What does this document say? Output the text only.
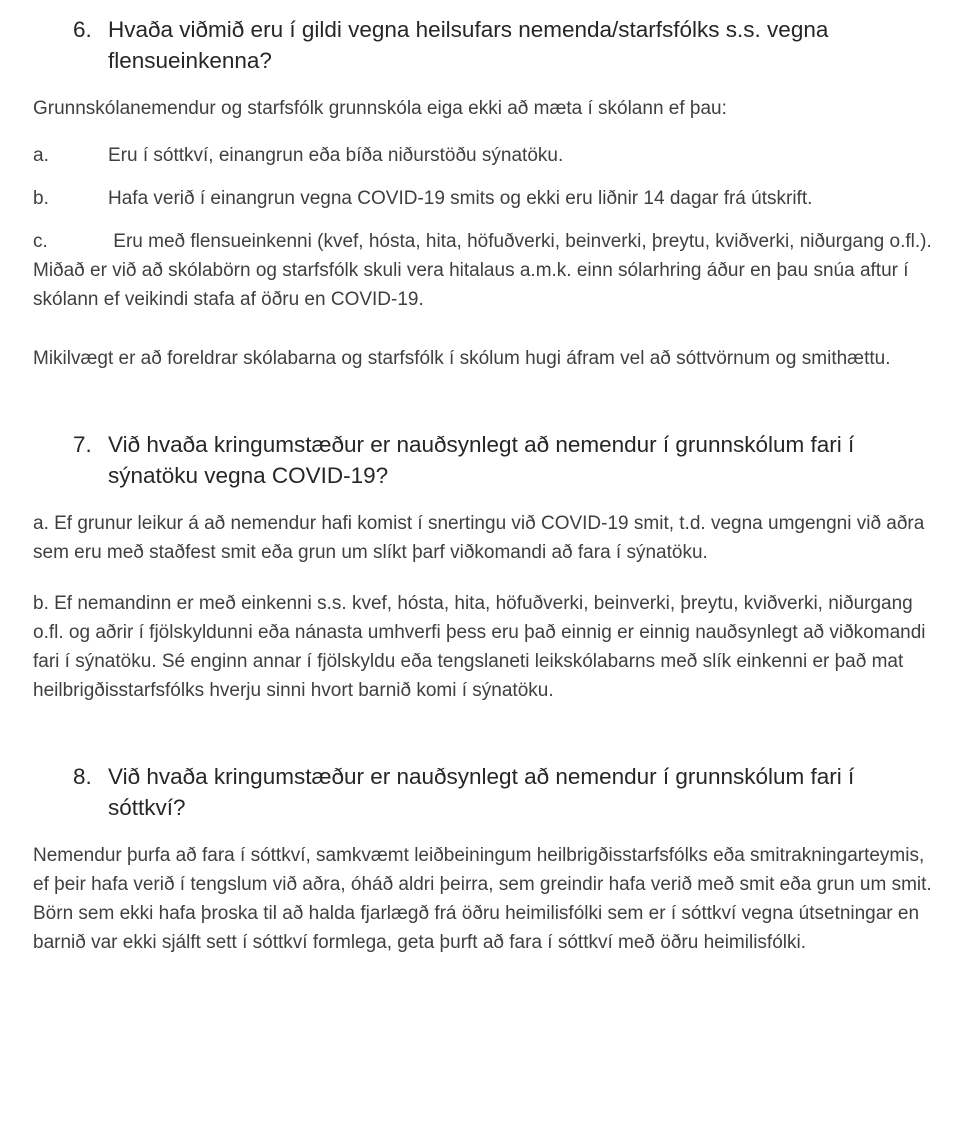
6. Hvaða viðmið eru í gildi vegna heilsufars nemenda/starfsfólks s.s. vegna flensueinkenna?

Grunnskólanemendur og starfsfólk grunnskóla eiga ekki að mæta í skólann ef þau:

a.	Eru í sóttkví, einangrun eða bíða niðurstöðu sýnatöku.
b.	Hafa verið í einangrun vegna COVID-19 smits og ekki eru liðnir 14 dagar frá útskrift.
c.	Eru með flensueinkenni (kvef, hósta, hita, höfuðverki, beinverki, þreytu, kviðverki, niðurgang o.fl.). Miðað er við að skólabörn og starfsfólk skuli vera hitalaus a.m.k. einn sólarhring áður en þau snúa aftur í skólann ef veikindi stafa af öðru en COVID-19.

Mikilvægt er að foreldrar skólabarna og starfsfólk í skólum hugi áfram vel að sóttvörnum og smithættu.

7. Við hvaða kringumstæður er nauðsynlegt að nemendur í grunnskólum fari í sýnatöku vegna COVID-19?

a. Ef grunur leikur á að nemendur hafi komist í snertingu við COVID-19 smit, t.d. vegna umgengni við aðra sem eru með staðfest smit eða grun um slíkt þarf viðkomandi að fara í sýnatöku.

b. Ef nemandinn er með einkenni s.s. kvef, hósta, hita, höfuðverki, beinverki, þreytu, kviðverki, niðurgang o.fl. og aðrir í fjölskyldunni eða nánasta umhverfi þess eru það einnig er einnig nauðsynlegt að viðkomandi fari í sýnatöku. Sé enginn annar í fjölskyldu eða tengslaneti leikskólabarns með slík einkenni er það mat heilbrigðisstarfsfólks hverju sinni hvort barnið komi í sýnatöku.

8. Við hvaða kringumstæður er nauðsynlegt að nemendur í grunnskólum fari í sóttkví?

Nemendur þurfa að fara í sóttkví, samkvæmt leiðbeiningum heilbrigðisstarfsfólks eða smitrakningarteymis, ef þeir hafa verið í tengslum við aðra, óháð aldri þeirra, sem greindir hafa verið með smit eða grun um smit. Börn sem ekki hafa þroska til að halda fjarlægð frá öðru heimilisfólki sem er í sóttkví vegna útsetningar en barnið var ekki sjálft sett í sóttkví formlega, geta þurft að fara í sóttkví með öðru heimilisfólki.
